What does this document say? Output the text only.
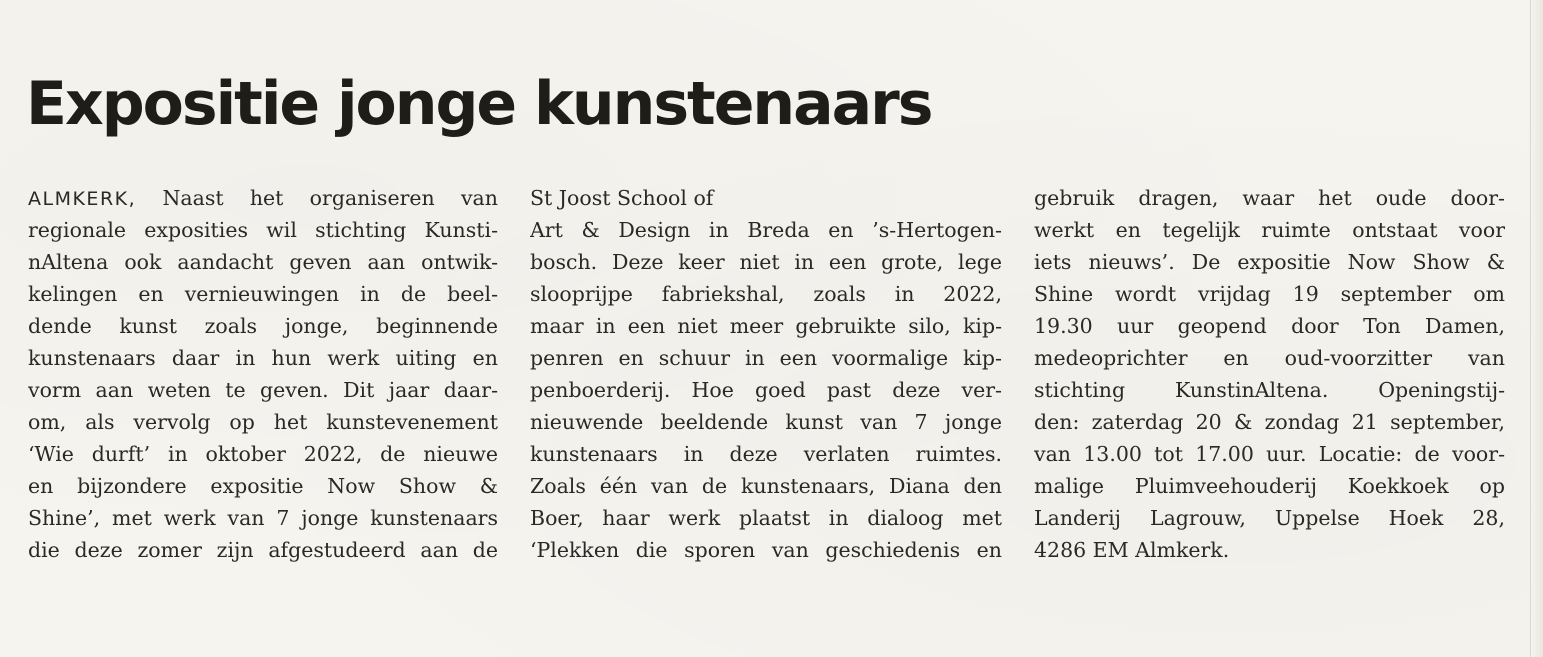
Expositie jonge kunstenaars
ALMKERK, Naast het organiseren van
regionale exposities wil stichting Kunsti-
nAltena ook aandacht geven aan ontwik-
kelingen en vernieuwingen in de beel-
dende kunst zoals jonge, beginnende
kunstenaars daar in hun werk uiting en
vorm aan weten te geven. Dit jaar daar-
om, als vervolg op het kunstevenement
‘Wie durft’ in oktober 2022, de nieuwe
en bijzondere expositie Now Show &
Shine’, met werk van 7 jonge kunstenaars
die deze zomer zijn afgestudeerd aan de
St Joost School of
Art & Design in Breda en ’s-Hertogen-
bosch. Deze keer niet in een grote, lege
slooprijpe fabriekshal, zoals in 2022,
maar in een niet meer gebruikte silo, kip-
penren en schuur in een voormalige kip-
penboerderij. Hoe goed past deze ver-
nieuwende beeldende kunst van 7 jonge
kunstenaars in deze verlaten ruimtes.
Zoals één van de kunstenaars, Diana den
Boer, haar werk plaatst in dialoog met
‘Plekken die sporen van geschiedenis en
gebruik dragen, waar het oude door-
werkt en tegelijk ruimte ontstaat voor
iets nieuws’. De expositie Now Show &
Shine wordt vrijdag 19 september om
19.30 uur geopend door Ton Damen,
medeoprichter en oud-voorzitter van
stichting KunstinAltena. Openingstij-
den: zaterdag 20 & zondag 21 september,
van 13.00 tot 17.00 uur. Locatie: de voor-
malige Pluimveehouderij Koekkoek op
Landerij Lagrouw, Uppelse Hoek 28,
4286 EM Almkerk.
